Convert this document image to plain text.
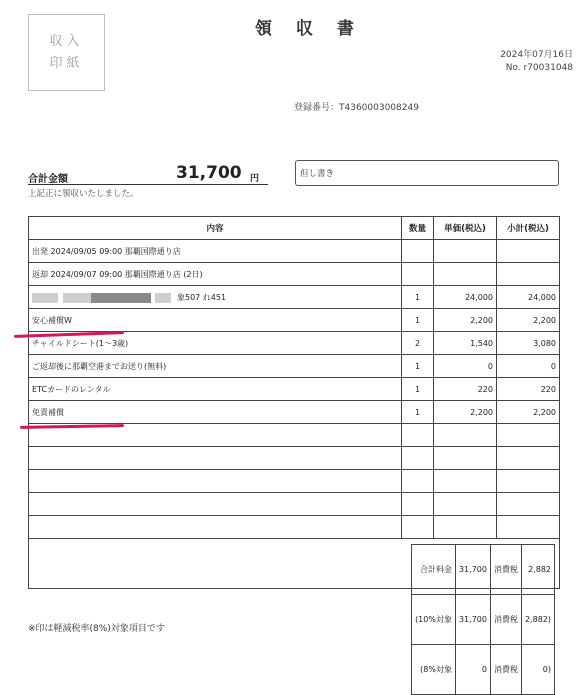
収入
印紙
領 収 書
2024年07月16日
No. r70031048
登録番号：T4360003008249
合計金額	31,700 円
上記正に領収いたしました。
但し書き
内容	数量	単価(税込)	小計(税込)
出発 2024/09/05 09:00 那覇国際通り店			
返却 2024/09/07 09:00 那覇国際通り店 (2日)			

象507 れ451	1	24,000	24,000
安心補償W	1	2,200	2,200
チャイルドシート(1～3歳)	2	1,540	3,080
ご返却後に那覇空港までお送り(無料)	1	0	0
ETCカードのレンタル	1	220	220
免責補償	1	2,200	2,200

合計料金	31,700	消費税	2,882
(10%対象	31,700	消費税	2,882)
(8%対象	0	消費税	0)
※印は軽減税率(8%)対象項目です
